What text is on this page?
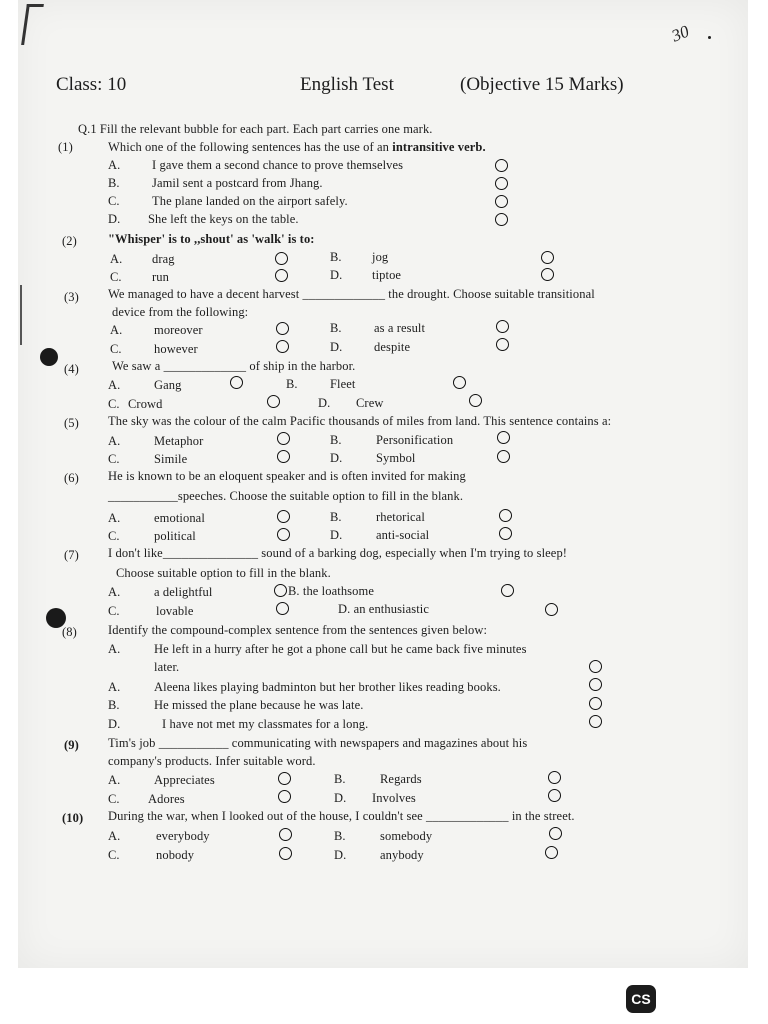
30
Class: 10	English Test	(Objective 15 Marks)
Q.1 Fill the relevant bubble for each part. Each part carries one mark.
(1)	Which one of the following sentences has the use of an intransitive verb.
A.	I gave them a second chance to prove themselves
B.	Jamil sent a postcard from Jhang.
C.	The plane landed on the airport safely.
D. She left the keys on the table.
(2) "Whisper' is to ,,shout' as 'walk' is to:
A. drag	B. jog
C. run	D. tiptoe
(3) We managed to have a decent harvest _____________ the drought. Choose suitable transitional
device from the following:
A.	moreover	B.	as a result
C.	however	D.	despite
(4)	We saw a _____________ of ship in the harbor.
A.	Gang	B.	Fleet
C. Crowd	D. Crew
(5) The sky was the colour of the calm Pacific thousands of miles from land. This sentence contains a:
A.	Metaphor	B.	Personification
C.	Simile	D.	Symbol
(6) He is known to be an eloquent speaker and is often invited for making
___________speeches. Choose the suitable option to fill in the blank.
A.	emotional	B.	rhetorical
C.	political	D.	anti-social
(7) I don't like_______________ sound of a barking dog, especially when I'm trying to sleep!
Choose suitable option to fill in the blank.
A.	a delightful	B. the loathsome
C.	lovable	D. an enthusiastic
(8) Identify the compound-complex sentence from the sentences given below:
A.	He left in a hurry after he got a phone call but he came back five minutes
later.
A.	Aleena likes playing badminton but her brother likes reading books.
B.	He missed the plane because he was late.
D.	I have not met my classmates for a long.
(9) Tim's job ___________ communicating with newspapers and magazines about his
company's products. Infer suitable word.
A.	Appreciates	B.	Regards
C. Adores	D. Involves
(10) During the war, when I looked out of the house, I couldn't see _____________ in the street.
A.	everybody	B.	somebody
C.	nobody	D.	anybody
CS
